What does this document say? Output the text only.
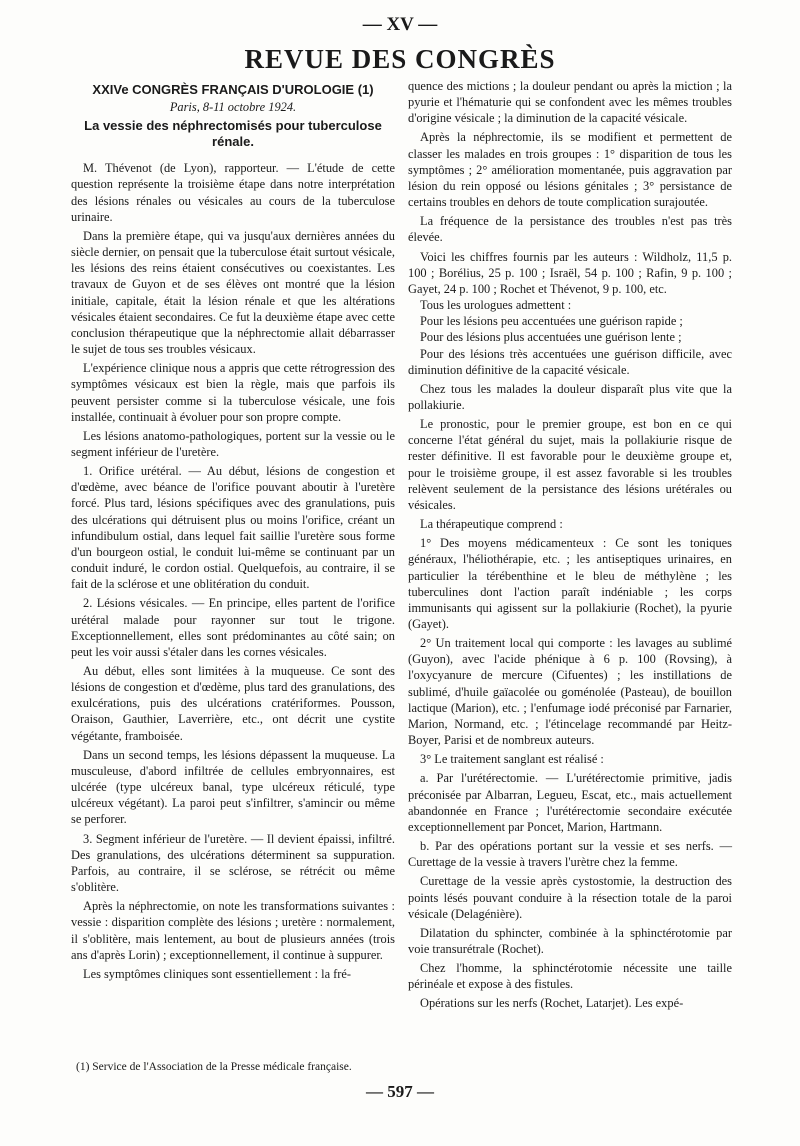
— XV —
REVUE DES CONGRÈS
XXIVe CONGRÈS FRANÇAIS D'UROLOGIE (1)

Paris, 8-11 octobre 1924.

La vessie des néphrectomisés pour tuberculose rénale.

M. Thévenot (de Lyon), rapporteur. — L'étude de cette question représente la troisième étape dans notre interprétation des lésions rénales ou vésicales au cours de la tuberculose urinaire.

Dans la première étape, qui va jusqu'aux dernières années du siècle dernier, on pensait que la tuberculose était surtout vésicale, les lésions des reins étaient consécutives ou coexistantes. Les travaux de Guyon et de ses élèves ont montré que la lésion initiale, capitale, était la lésion rénale et que les altérations vésicales étaient secondaires. Ce fut la deuxième étape avec cette conclusion thérapeutique que la néphrectomie allait débarrasser le sujet de tous ses troubles vésicaux.

L'expérience clinique nous a appris que cette rétrogression des symptômes vésicaux est bien la règle, mais que parfois ils peuvent persister comme si la tuberculose vésicale, une fois installée, continuait à évoluer pour son propre compte.

Les lésions anatomo-pathologiques, portent sur la vessie ou le segment inférieur de l'uretère.

1. Orifice urétéral. — Au début, lésions de congestion et d'œdème, avec béance de l'orifice pouvant aboutir à l'uretère forcé. Plus tard, lésions spécifiques avec des granulations, puis des ulcérations qui détruisent plus ou moins l'orifice, créant un infundibulum ostial, dans lequel fait saillie l'uretère sous forme d'un bourgeon ostial, le conduit lui-même se continuant par un conduit induré, le cordon ostial. Quelquefois, au contraire, il se fait de la sclérose et une oblitération du conduit.

2. Lésions vésicales. — En principe, elles partent de l'orifice urétéral malade pour rayonner sur tout le trigone. Exceptionnellement, elles sont prédominantes au côté sain; on peut les voir aussi s'étaler dans les cornes vésicales.

Au début, elles sont limitées à la muqueuse. Ce sont des lésions de congestion et d'œdème, plus tard des granulations, des exulcérations, puis des ulcérations cratériformes. Pousson, Oraison, Gauthier, Laverrière, etc., ont décrit une cystite végétante, framboisée.

Dans un second temps, les lésions dépassent la muqueuse. La musculeuse, d'abord infiltrée de cellules embryonnaires, est ulcérée (type ulcéreux banal, type ulcéreux réticulé, type ulcéreux végétant). La paroi peut s'infiltrer, s'amincir ou même se perforer.

3. Segment inférieur de l'uretère. — Il devient épaissi, infiltré. Des granulations, des ulcérations déterminent sa suppuration. Parfois, au contraire, il se sclérose, se rétrécit ou même s'oblitère.

Après la néphrectomie, on note les transformations suivantes : vessie : disparition complète des lésions ; uretère : normalement, il s'oblitère, mais lentement, au bout de plusieurs années (trois ans d'après Lorin) ; exceptionnellement, il continue à suppurer.

Les symptômes cliniques sont essentiellement : la fré-

(1) Service de l'Association de la Presse médicale française.

quence des mictions ; la douleur pendant ou après la miction ; la pyurie et l'hématurie qui se confondent avec les mêmes troubles d'origine vésicale ; la diminution de la capacité vésicale.

Après la néphrectomie, ils se modifient et permettent de classer les malades en trois groupes : 1° disparition de tous les symptômes ; 2° amélioration momentanée, puis aggravation par lésion du rein opposé ou lésions génitales ; 3° persistance de certains troubles en dehors de toute complication surajoutée.

La fréquence de la persistance des troubles n'est pas très élevée.

Voici les chiffres fournis par les auteurs : Wildholz, 11,5 p. 100 ; Borélius, 25 p. 100 ; Israël, 54 p. 100 ; Rafin, 9 p. 100 ; Gayet, 24 p. 100 ; Rochet et Thévenot, 9 p. 100, etc.

Tous les urologues admettent :

Pour les lésions peu accentuées une guérison rapide ;

Pour des lésions plus accentuées une guérison lente ;

Pour des lésions très accentuées une guérison difficile, avec diminution définitive de la capacité vésicale.

Chez tous les malades la douleur disparaît plus vite que la pollakiurie.

Le pronostic, pour le premier groupe, est bon en ce qui concerne l'état général du sujet, mais la pollakiurie risque de rester définitive. Il est favorable pour le deuxième groupe et, pour le troisième groupe, il est assez favorable si les troubles relèvent seulement de la persistance des lésions urétérales ou vésicales.

La thérapeutique comprend :

1° Des moyens médicamenteux : Ce sont les toniques généraux, l'héliothérapie, etc. ; les antiseptiques urinaires, en particulier la térébenthine et le bleu de méthylène ; les tuberculines dont l'action paraît indéniable ; les corps immunisants qui agissent sur la pollakiurie (Rochet), la pyurie (Gayet).

2° Un traitement local qui comporte : les lavages au sublimé (Guyon), avec l'acide phénique à 6 p. 100 (Rovsing), à l'oxycyanure de mercure (Cifuentes) ; les instillations de sublimé, d'huile gaïacolée ou goménolée (Pasteau), de bouillon lactique (Marion), etc. ; l'enfumage iodé préconisé par Farnarier, Marion, Normand, etc. ; l'étincelage recommandé par Heitz-Boyer, Parisi et de nombreux auteurs.

3° Le traitement sanglant est réalisé :

a. Par l'urétérectomie. — L'urétérectomie primitive, jadis préconisée par Albarran, Legueu, Escat, etc., mais actuellement abandonnée en France ; l'urétérectomie secondaire exécutée exceptionnellement par Poncet, Marion, Hartmann.

b. Par des opérations portant sur la vessie et ses nerfs. — Curettage de la vessie à travers l'urètre chez la femme.

Curettage de la vessie après cystostomie, la destruction des points lésés pouvant conduire à la résection totale de la paroi vésicale (Delagénière).

Dilatation du sphincter, combinée à la sphinctérotomie par voie transurétrale (Rochet).

Chez l'homme, la sphinctérotomie nécessite une taille périnéale et expose à des fistules.

Opérations sur les nerfs (Rochet, Latarjet). Les expé-

— 597 —
